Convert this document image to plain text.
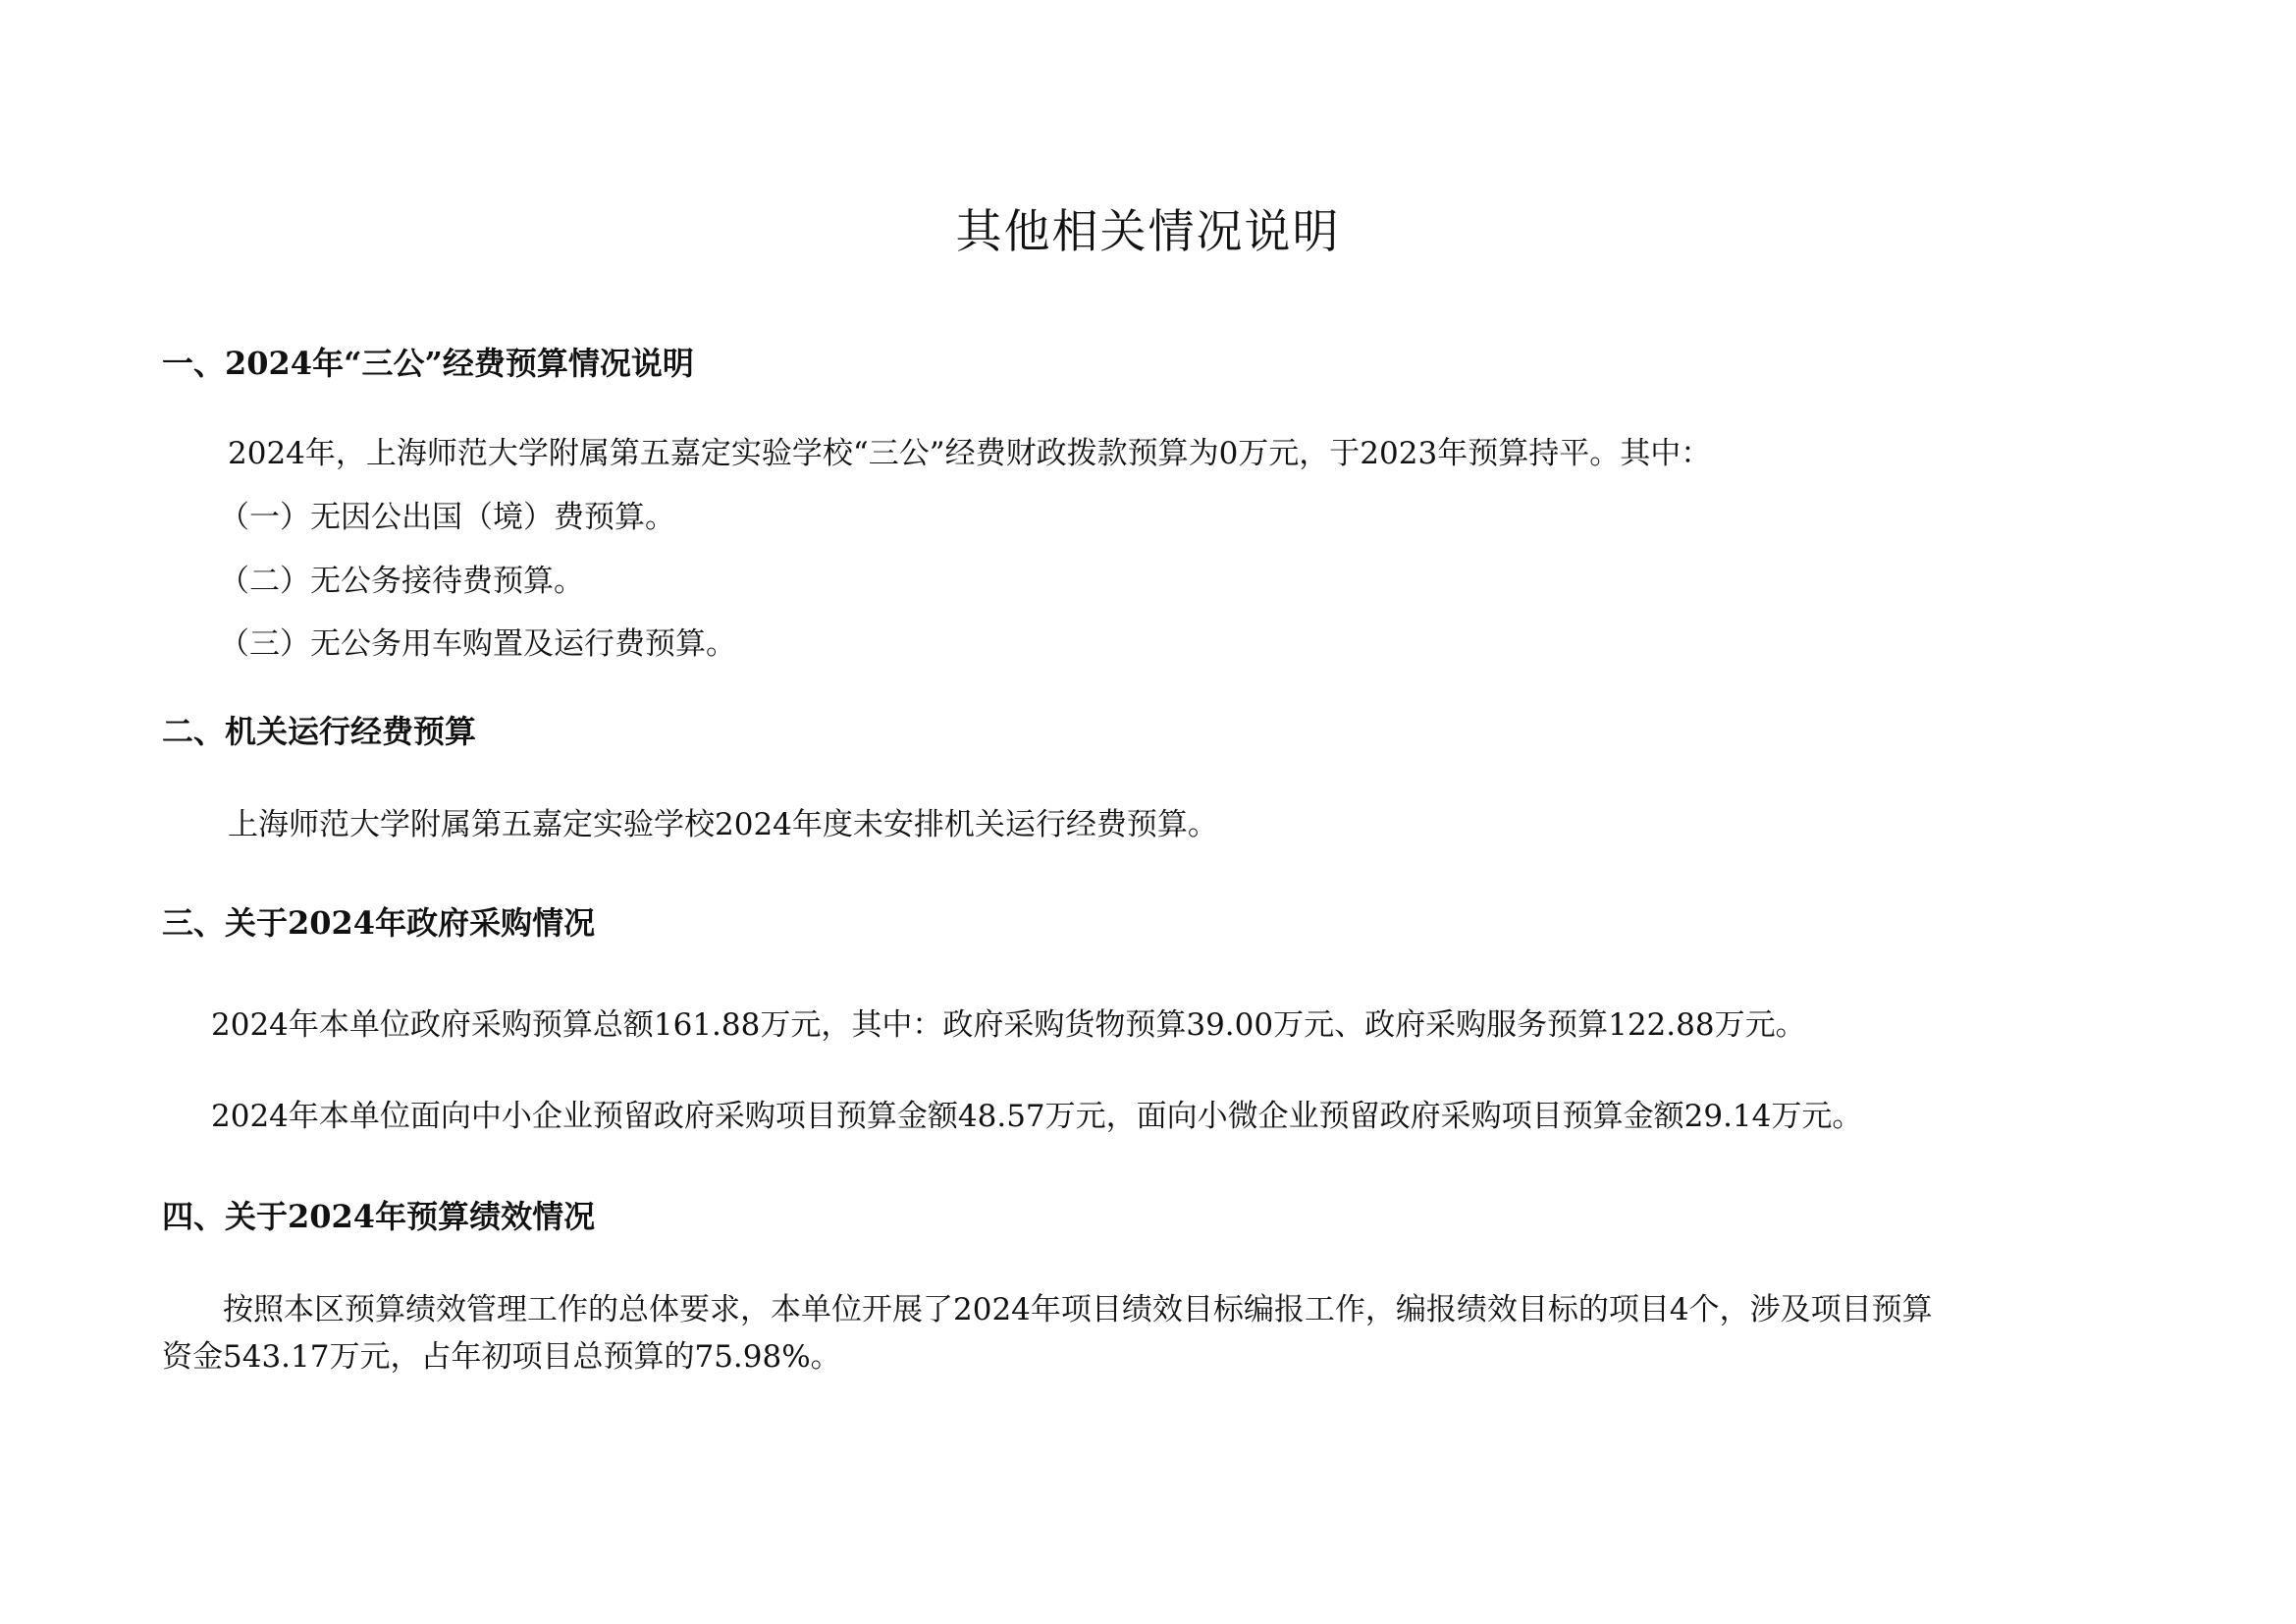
其他相关情况说明
一、2024年“三公”经费预算情况说明
2024年，上海师范大学附属第五嘉定实验学校“三公”经费财政拨款预算为0万元，于2023年预算持平。其中：
（一）无因公出国（境）费预算。
（二）无公务接待费预算。
（三）无公务用车购置及运行费预算。
二、机关运行经费预算
上海师范大学附属第五嘉定实验学校2024年度未安排机关运行经费预算。
三、关于2024年政府采购情况
2024年本单位政府采购预算总额161.88万元，其中：政府采购货物预算39.00万元、政府采购服务预算122.88万元。
2024年本单位面向中小企业预留政府采购项目预算金额48.57万元，面向小微企业预留政府采购项目预算金额29.14万元。
四、关于2024年预算绩效情况
　　按照本区预算绩效管理工作的总体要求，本单位开展了2024年项目绩效目标编报工作，编报绩效目标的项目4个，涉及项目预算资金543.17万元，占年初项目总预算的75.98%。
